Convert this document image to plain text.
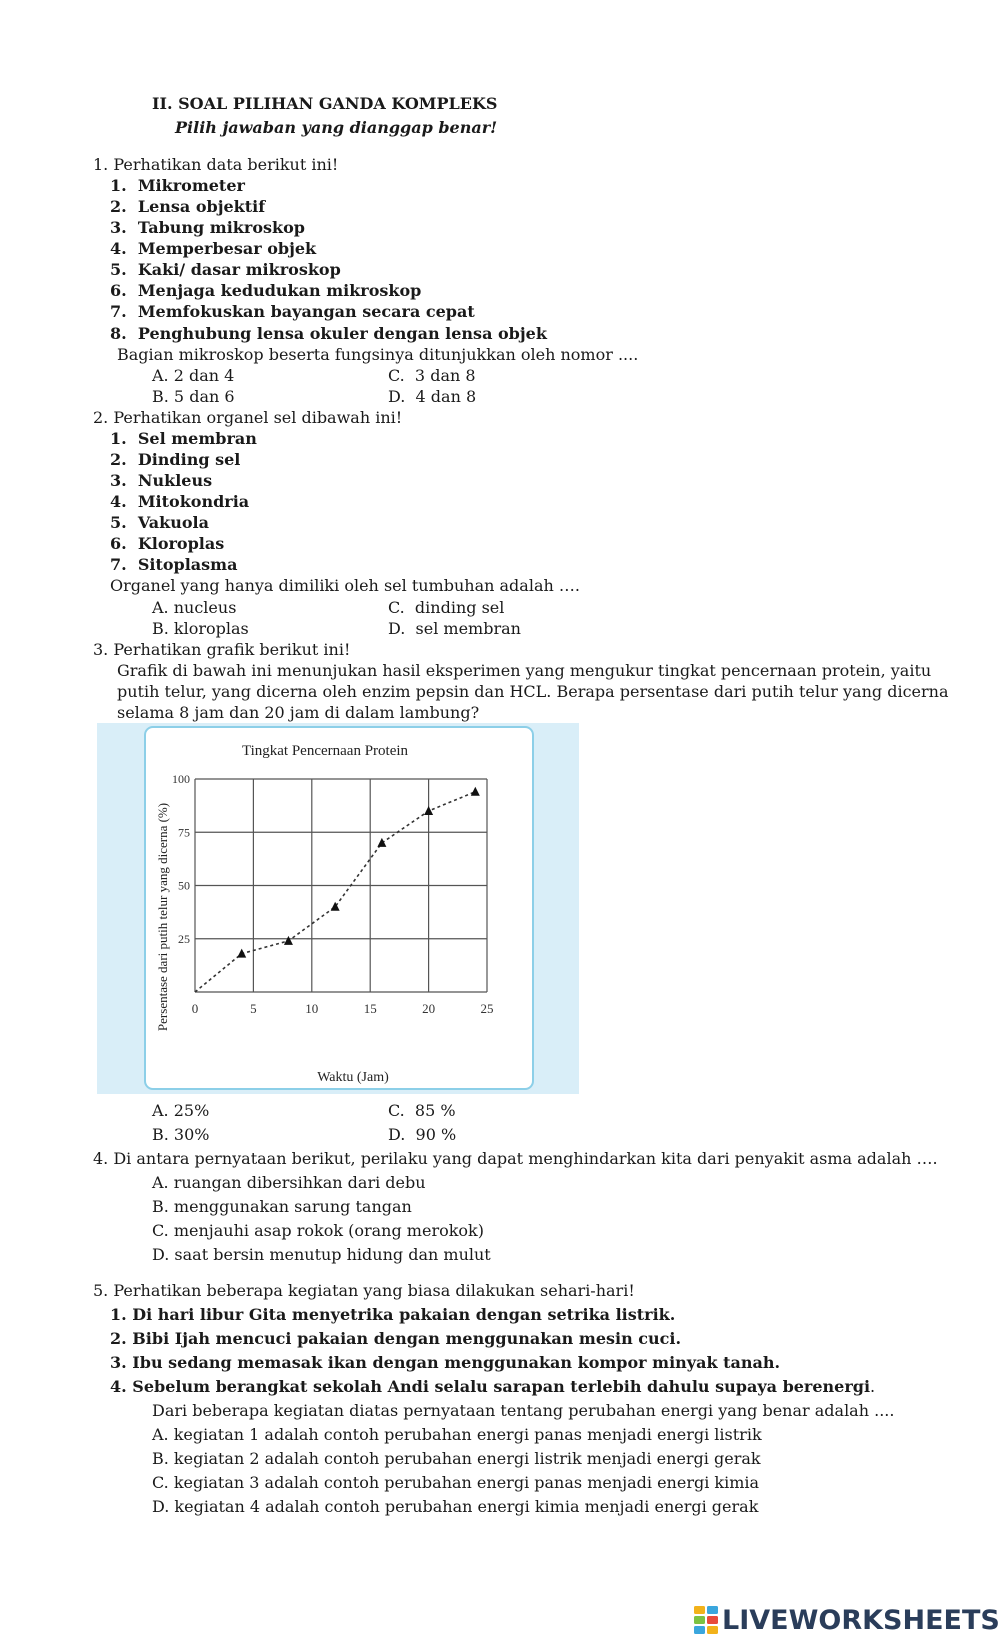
II. SOAL PILIHAN GANDA KOMPLEKS
Pilih jawaban yang dianggap benar!
1. Perhatikan data berikut ini!
1.  Mikrometer
2.  Lensa objektif
3.  Tabung mikroskop
4.  Memperbesar objek
5.  Kaki/ dasar mikroskop
6.  Menjaga kedudukan mikroskop
7.  Memfokuskan bayangan secara cepat
8.  Penghubung lensa okuler dengan lensa objek
Bagian mikroskop beserta fungsinya ditunjukkan oleh nomor ....
A. 2 dan 4	C.  3 dan 8
B. 5 dan 6	D.  4 dan 8
2. Perhatikan organel sel dibawah ini!
1.  Sel membran
2.  Dinding sel
3.  Nukleus
4.  Mitokondria
5.  Vakuola
6.  Kloroplas
7.  Sitoplasma
Organel yang hanya dimiliki oleh sel tumbuhan adalah ….
A. nucleus	C.  dinding sel
B. kloroplas	D.  sel membran
3. Perhatikan grafik berikut ini!
Grafik di bawah ini menunjukan hasil eksperimen yang mengukur tingkat pencernaan protein, yaitu
putih telur, yang dicerna oleh enzim pepsin dan HCL. Berapa persentase dari putih telur yang dicerna
selama 8 jam dan 20 jam di dalam lambung?
Tingkat Pencernaan Protein
0	5	10	15	20	25
25
50
75
100
Waktu (Jam)
Persentase dari putih telur yang dicerna (%)
A. 25%	C.  85 %
B. 30%	D.  90 %
4. Di antara pernyataan berikut, perilaku yang dapat menghindarkan kita dari penyakit asma adalah ….
A. ruangan dibersihkan dari debu
B. menggunakan sarung tangan
C. menjauhi asap rokok (orang merokok)
D. saat bersin menutup hidung dan mulut
5. Perhatikan beberapa kegiatan yang biasa dilakukan sehari-hari!
1. Di hari libur Gita menyetrika pakaian dengan setrika listrik.
2. Bibi Ijah mencuci pakaian dengan menggunakan mesin cuci.
3. Ibu sedang memasak ikan dengan menggunakan kompor minyak tanah.
4. Sebelum berangkat sekolah Andi selalu sarapan terlebih dahulu supaya berenergi.
Dari beberapa kegiatan diatas pernyataan tentang perubahan energi yang benar adalah ....
A. kegiatan 1 adalah contoh perubahan energi panas menjadi energi listrik
B. kegiatan 2 adalah contoh perubahan energi listrik menjadi energi gerak
C. kegiatan 3 adalah contoh perubahan energi panas menjadi energi kimia
D. kegiatan 4 adalah contoh perubahan energi kimia menjadi energi gerak
LIVEWORKSHEETS
